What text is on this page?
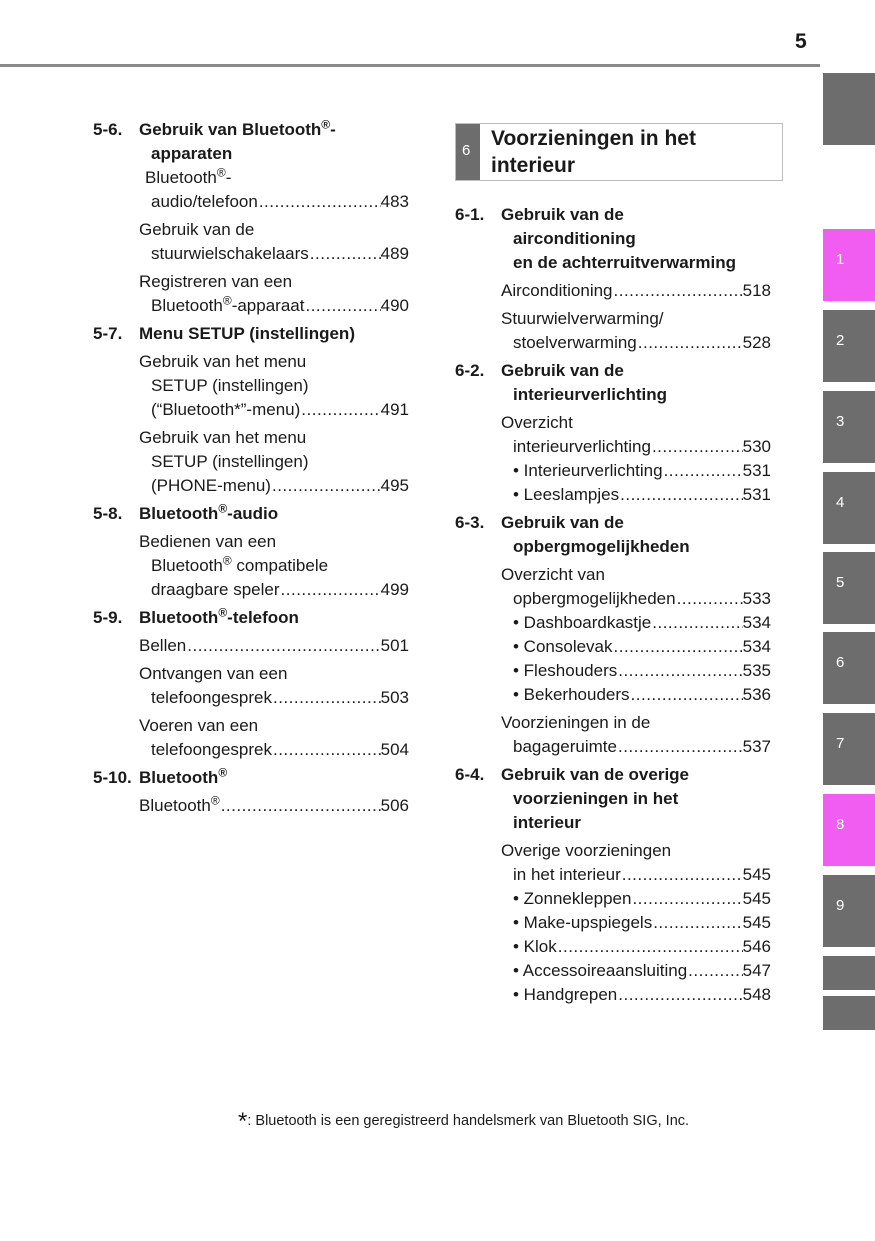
5
1
2
3
4
5
6
7
8
9
5-6. Gebruik van Bluetooth®-
apparaten
Bluetooth®-
audio/telefoon .....	483
Gebruik van de
stuurwielschakelaars .....	489
Registreren van een
Bluetooth®-apparaat .....	490
5-7. Menu SETUP (instellingen)
Gebruik van het menu
SETUP (instellingen)
(“Bluetooth*”-menu) .....	491
Gebruik van het menu
SETUP (instellingen)
(PHONE-menu) .....	495
5-8. Bluetooth®-audio
Bedienen van een
Bluetooth® compatibele
draagbare speler .....	499
5-9. Bluetooth®-telefoon
Bellen .....	501
Ontvangen van een
telefoongesprek .....	503
Voeren van een
telefoongesprek .....	504
5-10. Bluetooth®
Bluetooth® .....	506
6
Voorzieningen in het
interieur
6-1. Gebruik van de
airconditioning
en de achterruitverwarming
Airconditioning .....	518
Stuurwielverwarming/
stoelverwarming .....	528
6-2. Gebruik van de
interieurverlichting
Overzicht
interieurverlichting .....	530
• Interieurverlichting .....	531
• Leeslampjes .....	531
6-3. Gebruik van de
opbergmogelijkheden
Overzicht van
opbergmogelijkheden .....	533
• Dashboardkastje .....	534
• Consolevak .....	534
• Fleshouders .....	535
• Bekerhouders .....	536
Voorzieningen in de
bagageruimte .....	537
6-4. Gebruik van de overige
voorzieningen in het
interieur
Overige voorzieningen
in het interieur .....	545
• Zonnekleppen .....	545
• Make-upspiegels .....	545
• Klok .....	546
• Accessoireaansluiting .....	547
• Handgrepen .....	548
*: Bluetooth is een geregistreerd handelsmerk van Bluetooth SIG, Inc.
